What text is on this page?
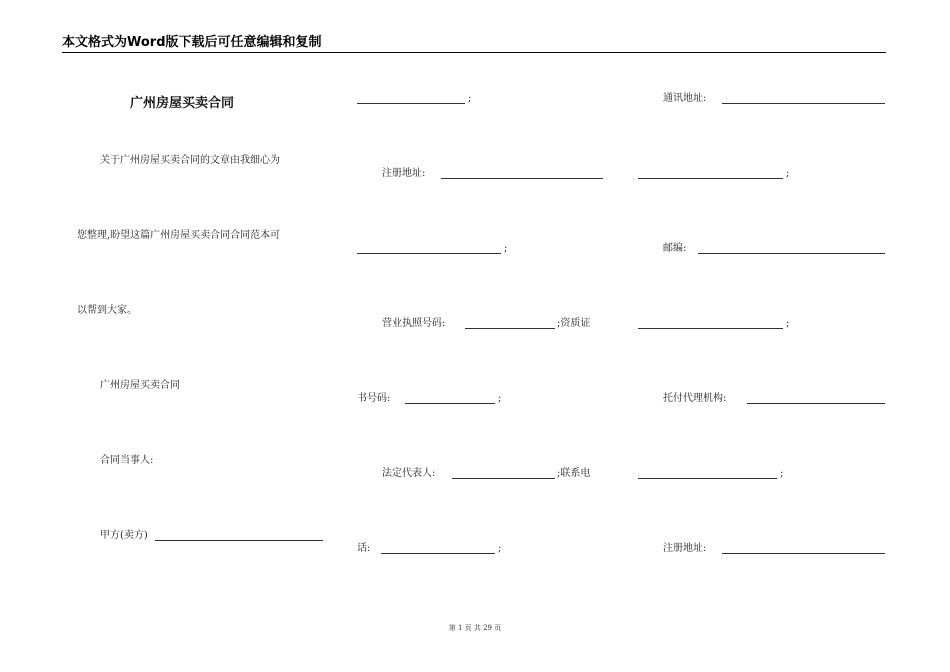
本文格式为Word版下载后可任意编辑和复制
广州房屋买卖合同
关于广州房屋买卖合同的文章由我细心为
您整理,盼望这篇广州房屋买卖合同合同范本可
以帮到大家。
广州房屋买卖合同
合同当事人:
甲方(卖方)
;
注册地址:
;
营业执照号码:	;资质证
书号码:	;
法定代表人:	;联系电
话:	;
通讯地址:
;
邮编:
;
托付代理机构:
;
注册地址:
第 1 页 共 29 页
